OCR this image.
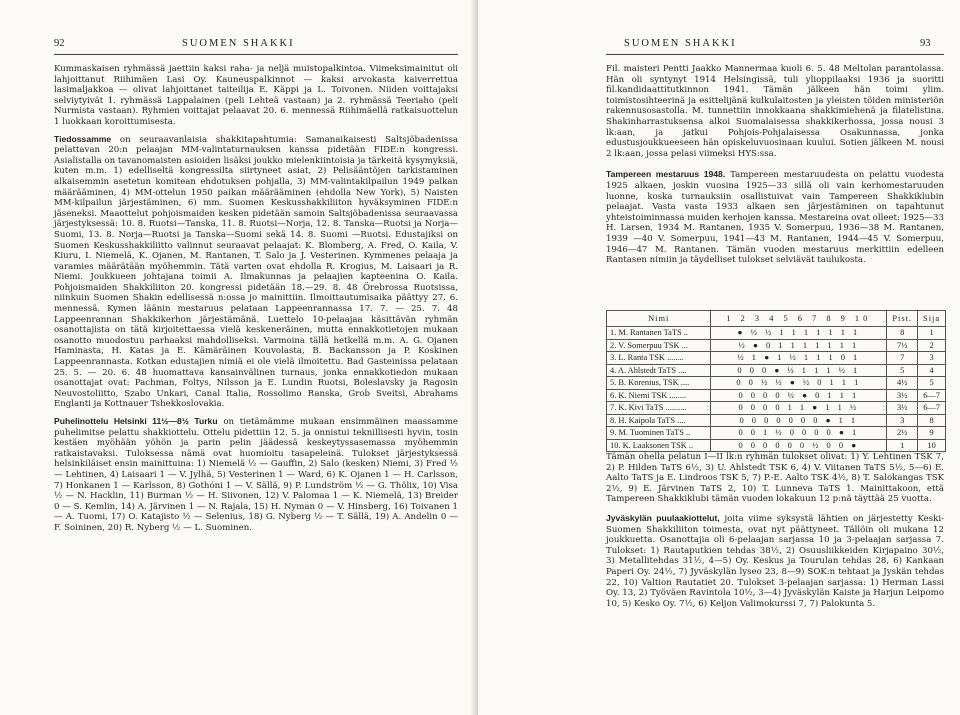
92	SUOMEN SHAKKI

Kummaskaisen ryhmässä jaettiin kaksi raha- ja neljä muistopalkintoa. Viimeksimainitut oli lahjoittanut Riihimäen Lasi Oy. Kauneuspalkinnot — kaksi arvokasta kaiverrettua lasimaljakkoa — olivat lahjoittanet taiteilija E. Käppi ja L. Toivonen. Niiden voittajaksi selviytyivät 1. ryhmässä Lappalainen (peli Lehteä vastaan) ja 2. ryhmässä Teeriaho (peli Nurmista vastaan). Ryhmien voittajat pelaavat 20. 6. mennessä Riihimäellä ratkaisuottelun 1 luokkaan koroittumisesta.

Tiedossamme on seuraavanlaisia shakkitapahtumia: Samanaikaisesti Saltsjöbadenissa pelattavan 20:n pelaajan MM-valintaturnauksen kanssa pidetään FIDE:n kongressi. Asialistalla on tavanomaisten asioiden lisäksi joukko mielenkiintoisia ja tärkeitä kysymyksiä, kuten m.m. 1) edelliseltä kongressilta siirtyneet asiat, 2) Pelisääntöjen tarkistaminen alkaisemmin asetetun komitean ehdotuksen pohjalla, 3) MM-valintakilpailun 1949 palkan määrääminen, 4) MM-ottelun 1950 paikan määrääminen (ehdolla New York), 5) Naisten MM-kilpailun järjestäminen, 6) mm. Suomen Keskusshakkiliiton hyväksyminen FIDE:n jäseneksi. Maaottelut pohjoismaiden kesken pidetään samoin Saltsjöbadenissa seuraavassa järjestyksessä: 10. 8. Ruotsi—Tanska, 11. 8. Ruotsi—Norja, 12. 8. Tanska—Ruotsi ja Norja—Suomi, 13. 8. Norja—Ruotsi ja Tanska—Suomi sekä 14. 8. Suomi —Ruotsi. Edustajiksi on Suomen Keskusshakkiliitto valinnut seuraavat pelaajat: K. Blomberg, A. Fred, O. Kaila, V. Kiuru, I. Niemelä, K. Ojanen, M. Rantanen, T. Salo ja J. Vesterinen. Kymmenes pelaaja ja varamies määrätään myöhemmin. Tätä varten ovat ehdolla R. Krogius, M. Laisaari ja R. Niemi. Joukkueen johtajana toimii A. Ilmakunnas ja pelaajien kapteenina O. Kaila. Pohjoismaiden Shakkiliiton 20. kongressi pidetään 18.—29. 8. 48 Örebrossa Ruotsissa, niinkuin Suomen Shakin edellisessä n:ossa jo mainittiin. Ilmoittautumisaika päättyy 27. 6. mennessä. Kymen läänin mestaruus pelataan Lappeenrannassa 17. 7. — 25. 7. 48 Lappeenrannan Shakkikerhon järjestämänä. Luettelo 10-pelaajaa käsittävän ryhmän osanottajista on tätä kirjoitettaessa vielä keskeneräinen, mutta ennakkotietojen mukaan osanotto muodostuu parhaaksi mahdolliseksi. Varmoina tällä hetkellä m.m. A. G. Ojanen Haminasta, H. Katas ja E. Kämäräinen Kouvolasta, B. Backansson ja P. Koskinen Lappeenrannasta. Kotkan edustajien nimiä ei ole vielä ilmoitettu. Bad Gasteinissa pelataan 25. 5. — 20. 6. 48 huomattava kansainvälinen turnaus, jonka ennakkotiedon mukaan osanottajat ovat: Pachman, Foltys, Nilsson ja E. Lundin Ruotsi, Boleslavsky ja Ragosin Neuvostoliitto, Szabo Unkari, Canal Italia, Rossolimo Ranska, Grob Sveitsi, Abrahams Englanti ja Kottnauer Tshekkoslovakia.

Puhelinottelu Helsinki 11½—8½ Turku on tietämämme mukaan ensimmäinen maassamme puhelimitse pelattu shakkiottelu. Ottelu pidettiin 12. 5. ja onnistui teknillisesti hyvin, tosin kestäen myöhään yöhön ja parin pelin jäädessä keskeytyssasemassa myöhemmin ratkaistavaksi. Tuloksessa nämä ovat huomioitu tasapeleinä. Tulokset järjestyksessä helsinkiläiset ensin mainittuina: 1) Niemelä ½ — Gauffin, 2) Salo (kesken) Niemi, 3) Fred ½ — Lehtinen, 4) Laisaari 1 — V. Jylhä, 5) Vesterinen 1 — Ward, 6) K. Ojanen 1 — H. Carlsson, 7) Honkanen 1 — Karlsson, 8) Gothóni 1 — V. Sällä, 9) P. Lundström ½ — G. Thölix, 10) Visa ½ — N. Hacklin, 11) Burman ½ — H. Siivonen, 12) V. Palomaa 1 — K. Niemelä, 13) Breider 0 — S. Kemlin, 14) A. Järvinen 1 — N. Rajala, 15) H. Nyman 0 — V. Hinsberg, 16) Toivanen 1 — A. Tuomi, 17) O. Katajisto ½ — Selenius, 18) G. Nyberg ½ — T. Sällä, 19) A. Andelin 0 — F. Soininen, 20) R. Nyberg ½ — L. Suominen.

SUOMEN SHAKKI	93

Fil. maisteri Pentti Jaakko Mannermaa kuoli 6. 5. 48 Meltolan parantolassa. Hän oli syntynyt 1914 Helsingissä, tuli ylioppilaaksi 1936 ja suoritti fil.kandidaattitutkinnon 1941. Tämän jälkeen hän toimi ylim. toimistosihteerinä ja esittelijänä kulkulaitosten ja yleisten töiden ministeriön rakennusosastolla. M. tunnettiin innokkaana shakkimiehenä ja filatelistina. Shakinharrastuksensa alkoi Suomalaisessa shakkikerhossa, jossa nousi 3 lk:aan, ja jatkui Pohjois-Pohjalaisessa Osakunnassa, jonka edustusjoukkueeseen hän opiskeluvuosinaan kuului. Sotien jälkeen M. nousi 2 lk:aan, jossa pelasi viimeksi HYS:ssa.

Tampereen mestaruus 1948. Tampereen mestaruudesta on pelattu vuodesta 1925 alkaen, joskin vuosina 1925—33 sillä oli vain kerhomestaruuden luonne, koska turnauksiin osallistuivat vain Tampereen Shakkiklubin pelaajat. Vasta vasta 1933 alkaen sen järjestäminen on tapahtunut yhteistoiminnassa muiden kerhojen kanssa. Mestareina ovat olleet: 1925—33 H. Larsen, 1934 M. Rantanen, 1935 V. Somerpuu, 1936—38 M. Rantanen, 1939 —40 V. Somerpuu, 1941—43 M. Rantanen, 1944—45 V. Somerpuu, 1946—47 M. Rantanen. Tämän vuoden mestaruus merkittiin edelleen Rantasen nimiin ja täydelliset tulokset selviävät taulukosta.

Nimi	1 2 3 4 5 6 7 8 9 10	Pist.	Sija
1. M. Rantanen TaTS ..	● ½ ½ 1 1 1 1 1 1 1	8	1
2. V. Somerpuu TSK ...	½ ● 0 1 1 1 1 1 1 1	7½	2
3. L. Ranta TSK ........	½ 1 ● 1 ½ 1 1 1 0 1	7	3
4. A. Ahlstedt TaTS ....	0 0 0 ● ½ 1 1 1 ½ 1	5	4
5. B. Korenius, TSK ....	0 0 ½ ½ ● ½ 0 1 1 1	4½	5
6. K. Niemi TSK ........	0 0 0 0 ½ ● 0 1 1 1	3½	6—7
7. K. Kivi TaTS ..........	0 0 0 0 1 1 ● 1 1 ½	3½	6—7
8. H. Kaipola TaTS ....	0 0 0 0 0 0 0 ● 1 1	3	8
9. M. Tuominen TaTS ..	0 0 1 ½ 0 0 0 0 ● 1	2½	9
10. K. Laaksonen TSK ..	0 0 0 0 0 0 ½ 0 0 ●	1	10

Tämän ohella pelatun I—II lk:n ryhmän tulokset olivat: 1) Y. Lehtinen TSK 7, 2) P. Hilden TaTS 6½, 3) U. Ahlstedt TSK 6, 4) V. Viitanen TaTS 5½, 5—6) E. Aalto TaTS ja E. Lindroos TSK 5, 7) P.-E. Aalto TSK 4½, 8) T. Salokangas TSK 2½, 9) E. Järvinen TaTS 2, 10) T. Lunneva TaTS 1. Mainittakoon, että Tampereen Shakkiklubi tämän vuoden lokakuun 12 p:nä täyttää 25 vuotta.

Jyväskylän puulaakiottelut, joita viime syksystä lähtien on järjestetty Keski-Suomen Shakkiliiton toimesta, ovat nyt päättyneet. Tällöin oli mukana 12 joukkuetta. Osanottajia oli 6-pelaajan sarjassa 10 ja 3-pelaajan sarjassa 7. Tulokset: 1) Rautaputkien tehdas 38½, 2) Osuusliikkeiden Kirjapaino 30½, 3) Metallitehdas 31½, 4—5) Oy. Keskus ja Tourulan tehdas 28, 6) Kankaan Paperi Oy. 24½, 7) Jyväskylän lyseo 23, 8—9) SOK:n tehtaat ja Jyskän tehdas 22, 10) Valtion Rautatiet 20. Tulokset 3-pelaajan sarjassa: 1) Herman Lassi Oy. 13, 2) Työväen Ravintola 10½, 3—4) Jyväskylän Kaiste ja Harjun Leipomo 10, 5) Kesko Oy. 7½, 6) Keljon Valimokurssi 7, 7) Palokunta 5.
